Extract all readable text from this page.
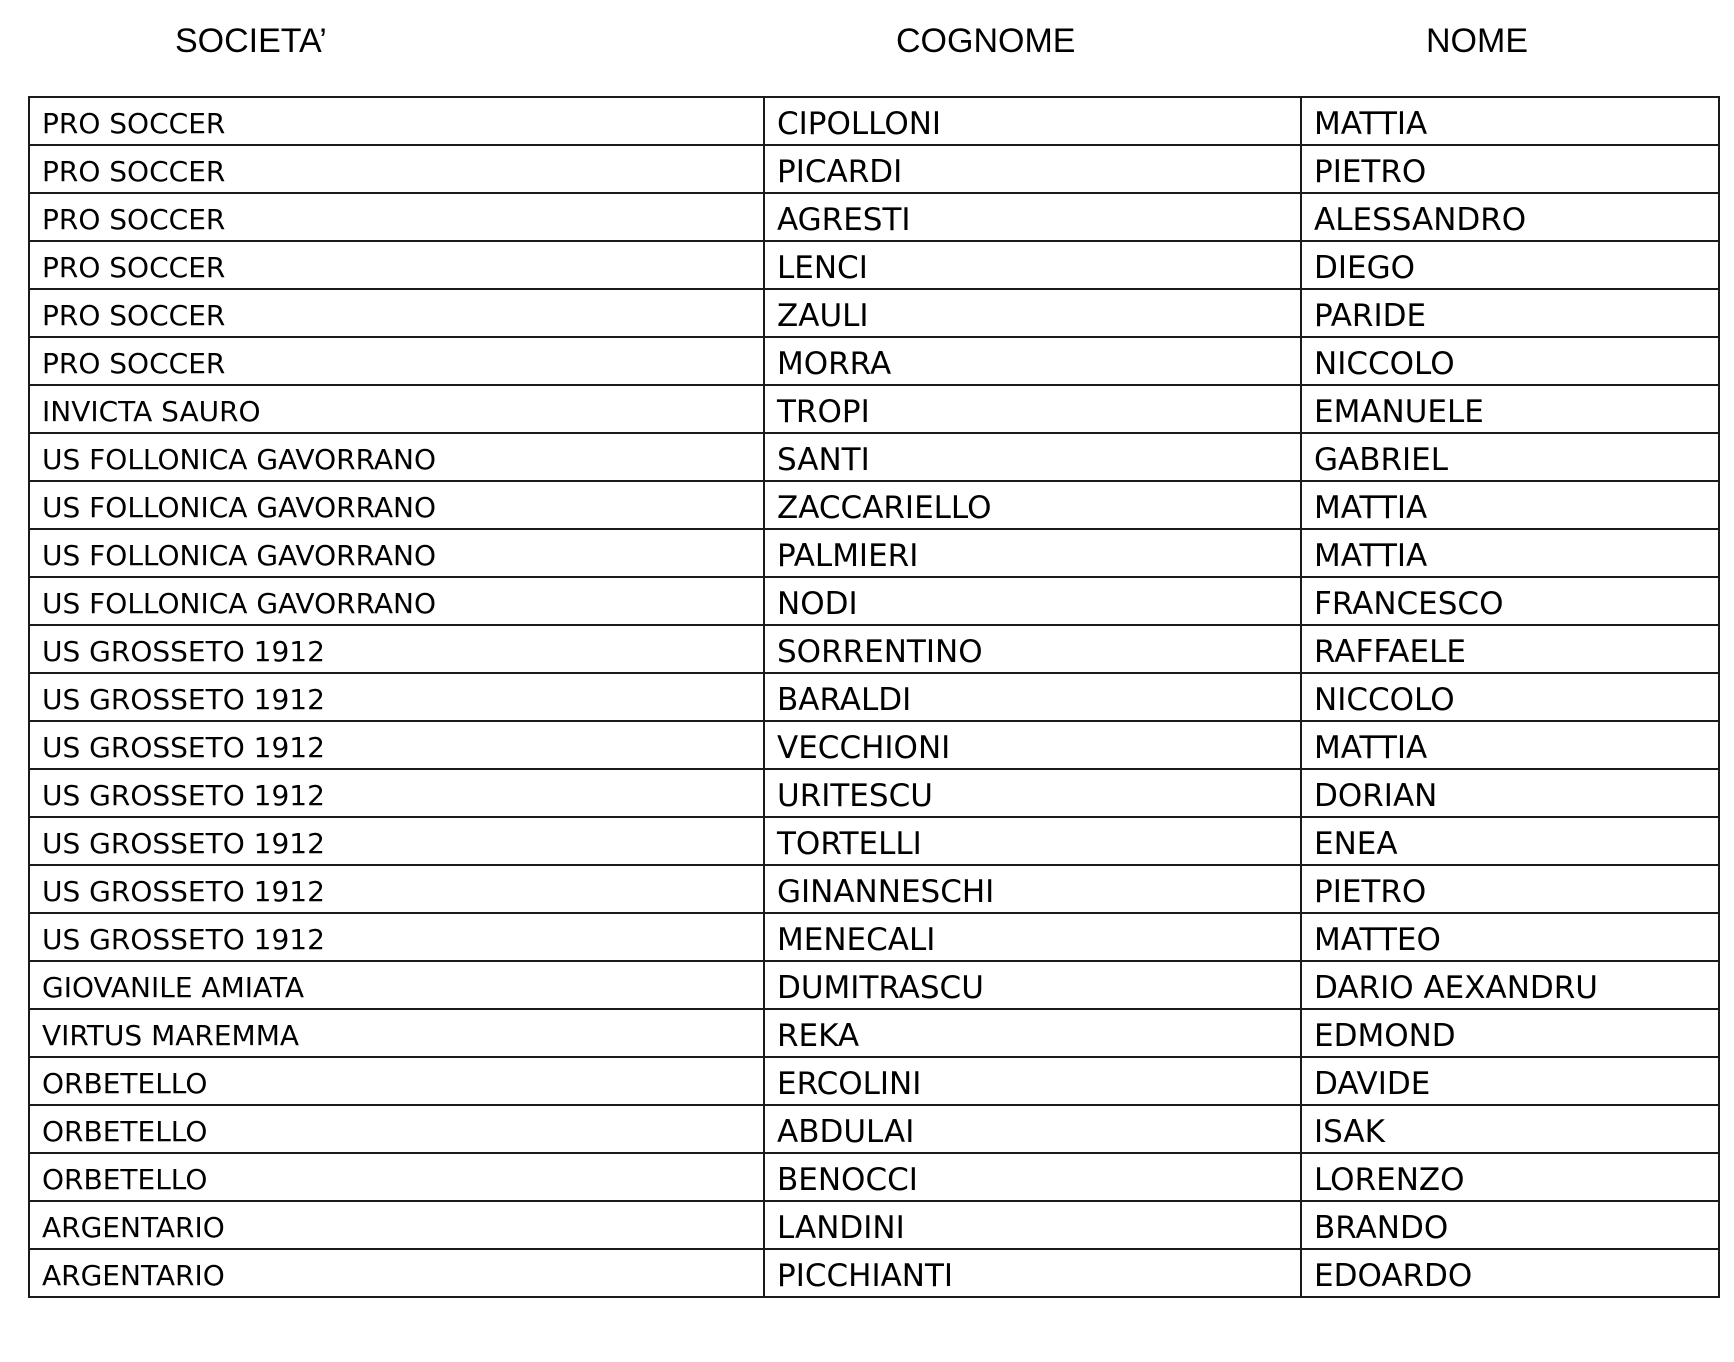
SOCIETA’	COGNOME	NOME
PRO SOCCER	CIPOLLONI	MATTIA
PRO SOCCER	PICARDI	PIETRO
PRO SOCCER	AGRESTI	ALESSANDRO
PRO SOCCER	LENCI	DIEGO
PRO SOCCER	ZAULI	PARIDE
PRO SOCCER	MORRA	NICCOLO
INVICTA SAURO	TROPI	EMANUELE
US FOLLONICA GAVORRANO	SANTI	GABRIEL
US FOLLONICA GAVORRANO	ZACCARIELLO	MATTIA
US FOLLONICA GAVORRANO	PALMIERI	MATTIA
US FOLLONICA GAVORRANO	NODI	FRANCESCO
US GROSSETO 1912	SORRENTINO	RAFFAELE
US GROSSETO 1912	BARALDI	NICCOLO
US GROSSETO 1912	VECCHIONI	MATTIA
US GROSSETO 1912	URITESCU	DORIAN
US GROSSETO 1912	TORTELLI	ENEA
US GROSSETO 1912	GINANNESCHI	PIETRO
US GROSSETO 1912	MENECALI	MATTEO
GIOVANILE AMIATA	DUMITRASCU	DARIO AEXANDRU
VIRTUS MAREMMA	REKA	EDMOND
ORBETELLO	ERCOLINI	DAVIDE
ORBETELLO	ABDULAI	ISAK
ORBETELLO	BENOCCI	LORENZO
ARGENTARIO	LANDINI	BRANDO
ARGENTARIO	PICCHIANTI	EDOARDO
